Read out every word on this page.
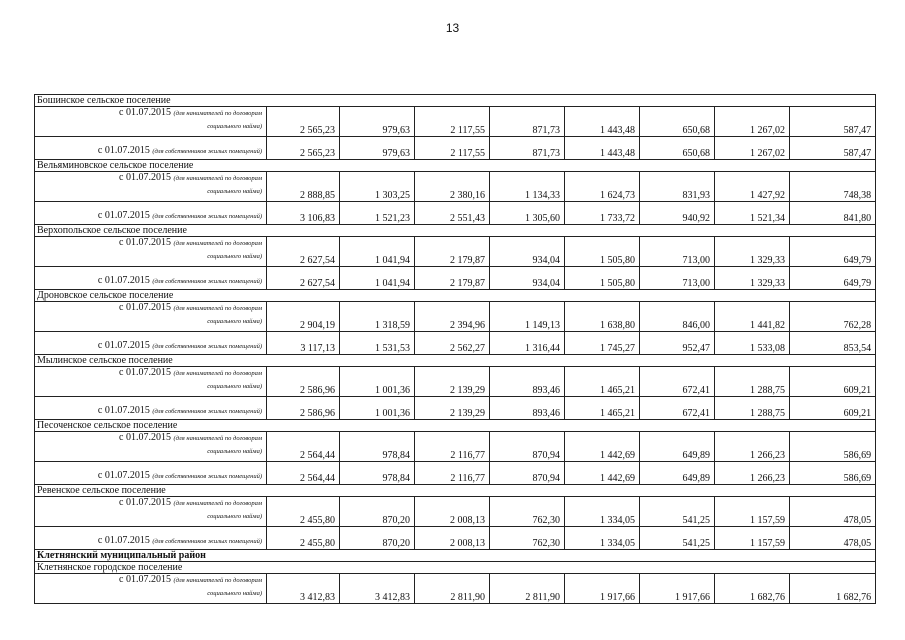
13
Бошинское сельское поселение								

с 01.07.2015 (для нанимателей по договорам
социального найма)	2 565,23	979,63	2 117,55	871,73	1 443,48	650,68	1 267,02	587,47
с 01.07.2015 (для собственников жилых помещений)	2 565,23	979,63	2 117,55	871,73	1 443,48	650,68	1 267,02	587,47
Вельяминовское сельское поселение								

с 01.07.2015 (для нанимателей по договорам
социального найма)	2 888,85	1 303,25	2 380,16	1 134,33	1 624,73	831,93	1 427,92	748,38
с 01.07.2015 (для собственников жилых помещений)	3 106,83	1 521,23	2 551,43	1 305,60	1 733,72	940,92	1 521,34	841,80
Верхопольское сельское поселение								

с 01.07.2015 (для нанимателей по договорам
социального найма)	2 627,54	1 041,94	2 179,87	934,04	1 505,80	713,00	1 329,33	649,79
с 01.07.2015 (для собственников жилых помещений)	2 627,54	1 041,94	2 179,87	934,04	1 505,80	713,00	1 329,33	649,79
Дроновское сельское поселение								

с 01.07.2015 (для нанимателей по договорам
социального найма)	2 904,19	1 318,59	2 394,96	1 149,13	1 638,80	846,00	1 441,82	762,28
с 01.07.2015 (для собственников жилых помещений)	3 117,13	1 531,53	2 562,27	1 316,44	1 745,27	952,47	1 533,08	853,54
Мылинское сельское поселение								

с 01.07.2015 (для нанимателей по договорам
социального найма)	2 586,96	1 001,36	2 139,29	893,46	1 465,21	672,41	1 288,75	609,21
с 01.07.2015 (для собственников жилых помещений)	2 586,96	1 001,36	2 139,29	893,46	1 465,21	672,41	1 288,75	609,21
Песоченское сельское поселение								

с 01.07.2015 (для нанимателей по договорам
социального найма)	2 564,44	978,84	2 116,77	870,94	1 442,69	649,89	1 266,23	586,69
с 01.07.2015 (для собственников жилых помещений)	2 564,44	978,84	2 116,77	870,94	1 442,69	649,89	1 266,23	586,69
Ревенское сельское поселение								

с 01.07.2015 (для нанимателей по договорам
социального найма)	2 455,80	870,20	2 008,13	762,30	1 334,05	541,25	1 157,59	478,05
с 01.07.2015 (для собственников жилых помещений)	2 455,80	870,20	2 008,13	762,30	1 334,05	541,25	1 157,59	478,05
Клетнянский муниципальный район								
Клетнянское городское поселение								

с 01.07.2015 (для нанимателей по договорам
социального найма)	3 412,83	3 412,83	2 811,90	2 811,90	1 917,66	1 917,66	1 682,76	1 682,76
